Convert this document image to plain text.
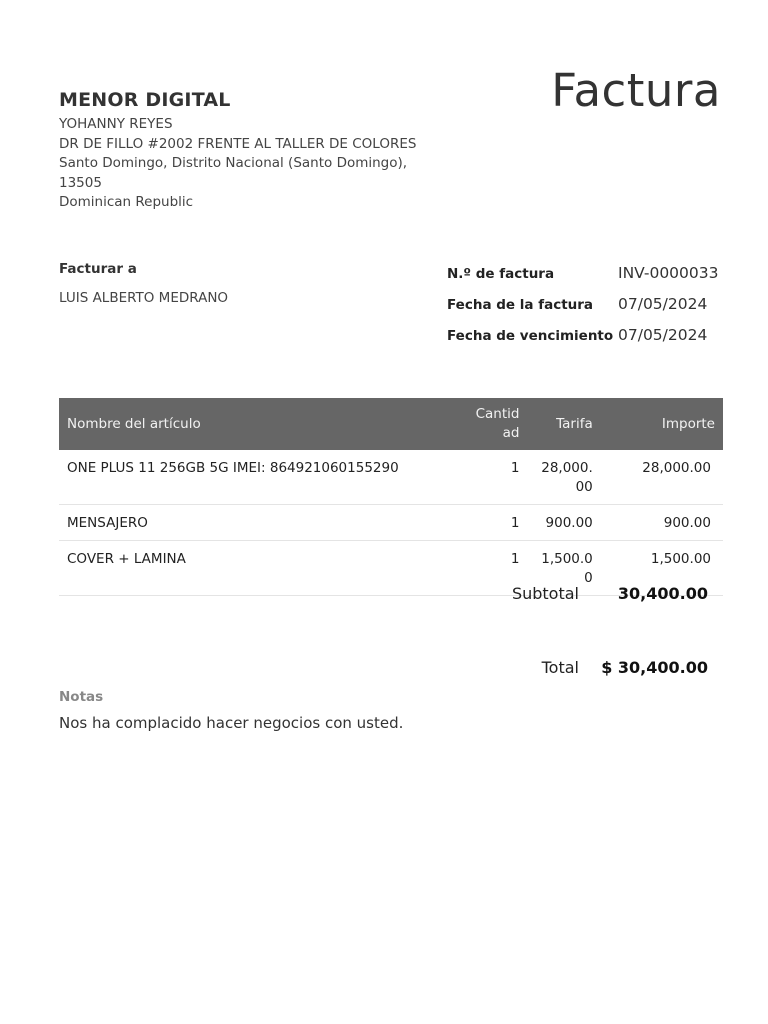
MENOR DIGITAL
YOHANNY REYES
DR DE FILLO #2002 FRENTE AL TALLER DE COLORES
Santo Domingo, Distrito Nacional (Santo Domingo),
13505
Dominican Republic
Factura
Facturar a
LUIS ALBERTO MEDRANO
N.º de factura	INV-0000033
Fecha de la factura	07/05/2024
Fecha de vencimiento 07/05/2024
Nombre del artículo	Cantidad	Tarifa	Importe
ONE PLUS 11 256GB 5G IMEI: 864921060155290	1	28,000.00	28,000.00
MENSAJERO	1	900.00	900.00
COVER + LAMINA	1	1,500.00	1,500.00
Subtotal	30,400.00
Total	$ 30,400.00
Notas
Nos ha complacido hacer negocios con usted.
